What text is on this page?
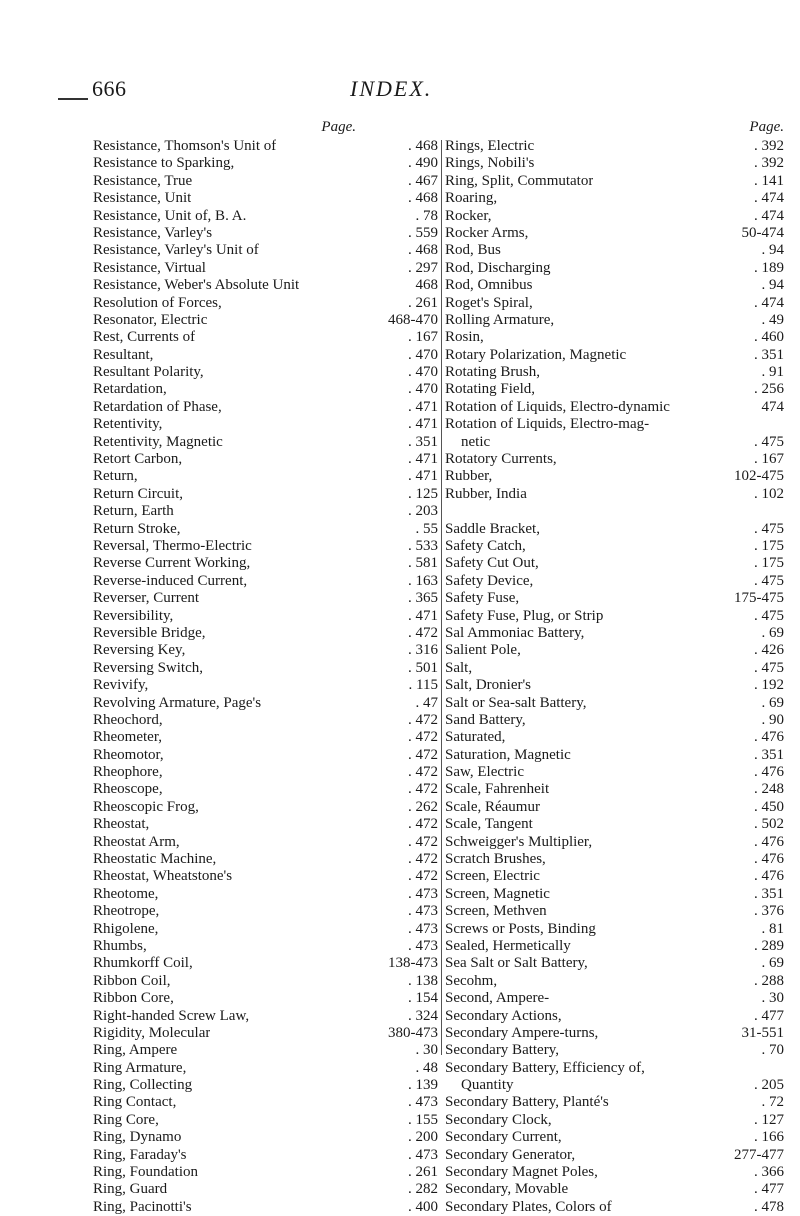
666	INDEX.
Page.
Resistance, Thomson's Unit of	. 468
Resistance to Sparking,	. 490
Resistance, True	. 467
Resistance, Unit	. 468
Resistance, Unit of, B. A.	. 78
Resistance, Varley's	. 559
Resistance, Varley's Unit of	. 468
Resistance, Virtual	. 297
Resistance, Weber's Absolute Unit	468
Resolution of Forces,	. 261
Resonator, Electric	468-470
Rest, Currents of	. 167
Resultant,	. 470
Resultant Polarity,	. 470
Retardation,	. 470
Retardation of Phase,	. 471
Retentivity,	. 471
Retentivity, Magnetic	. 351
Retort Carbon,	. 471
Return,	. 471
Return Circuit,	. 125
Return, Earth	. 203
Return Stroke,	. 55
Reversal, Thermo-Electric	. 533
Reverse Current Working,	. 581
Reverse-induced Current,	. 163
Reverser, Current	. 365
Reversibility,	. 471
Reversible Bridge,	. 472
Reversing Key,	. 316
Reversing Switch,	. 501
Revivify,	. 115
Revolving Armature, Page's	. 47
Rheochord,	. 472
Rheometer,	. 472
Rheomotor,	. 472
Rheophore,	. 472
Rheoscope,	. 472
Rheoscopic Frog,	. 262
Rheostat,	. 472
Rheostat Arm,	. 472
Rheostatic Machine,	. 472
Rheostat, Wheatstone's	. 472
Rheotome,	. 473
Rheotrope,	. 473
Rhigolene,	. 473
Rhumbs,	. 473
Rhumkorff Coil,	138-473
Ribbon Coil,	. 138
Ribbon Core,	. 154
Right-handed Screw Law,	. 324
Rigidity, Molecular	380-473
Ring, Ampere	. 30
Ring Armature,	. 48
Ring, Collecting	. 139
Ring Contact,	. 473
Ring Core,	. 155
Ring, Dynamo	. 200
Ring, Faraday's	. 473
Ring, Foundation	. 261
Ring, Guard	. 282
Ring, Pacinotti's	. 400
Page.
Rings, Electric	. 392
Rings, Nobili's	. 392
Ring, Split, Commutator	. 141
Roaring,	. 474
Rocker,	. 474
Rocker Arms,	50-474
Rod, Bus	. 94
Rod, Discharging	. 189
Rod, Omnibus	. 94
Roget's Spiral,	. 474
Rolling Armature,	. 49
Rosin,	. 460
Rotary Polarization, Magnetic	. 351
Rotating Brush,	. 91
Rotating Field,	. 256
Rotation of Liquids, Electro-dynamic	474
Rotation of Liquids, Electro-mag-
netic	. 475
Rotatory Currents,	. 167
Rubber,	102-475
Rubber, India	. 102
Saddle Bracket,	. 475
Safety Catch,	. 175
Safety Cut Out,	. 175
Safety Device,	. 475
Safety Fuse,	175-475
Safety Fuse, Plug, or Strip	. 475
Sal Ammoniac Battery,	. 69
Salient Pole,	. 426
Salt,	. 475
Salt, Dronier's	. 192
Salt or Sea-salt Battery,	. 69
Sand Battery,	. 90
Saturated,	. 476
Saturation, Magnetic	. 351
Saw, Electric	. 476
Scale, Fahrenheit	. 248
Scale, Réaumur	. 450
Scale, Tangent	. 502
Schweigger's Multiplier,	. 476
Scratch Brushes,	. 476
Screen, Electric	. 476
Screen, Magnetic	. 351
Screen, Methven	. 376
Screws or Posts, Binding	. 81
Sealed, Hermetically	. 289
Sea Salt or Salt Battery,	. 69
Secohm,	. 288
Second, Ampere-	. 30
Secondary Actions,	. 477
Secondary Ampere-turns,	31-551
Secondary Battery,	. 70
Secondary Battery, Efficiency of,
Quantity	. 205
Secondary Battery, Planté's	. 72
Secondary Clock,	. 127
Secondary Current,	. 166
Secondary Generator,	277-477
Secondary Magnet Poles,	. 366
Secondary, Movable	. 477
Secondary Plates, Colors of	. 478
